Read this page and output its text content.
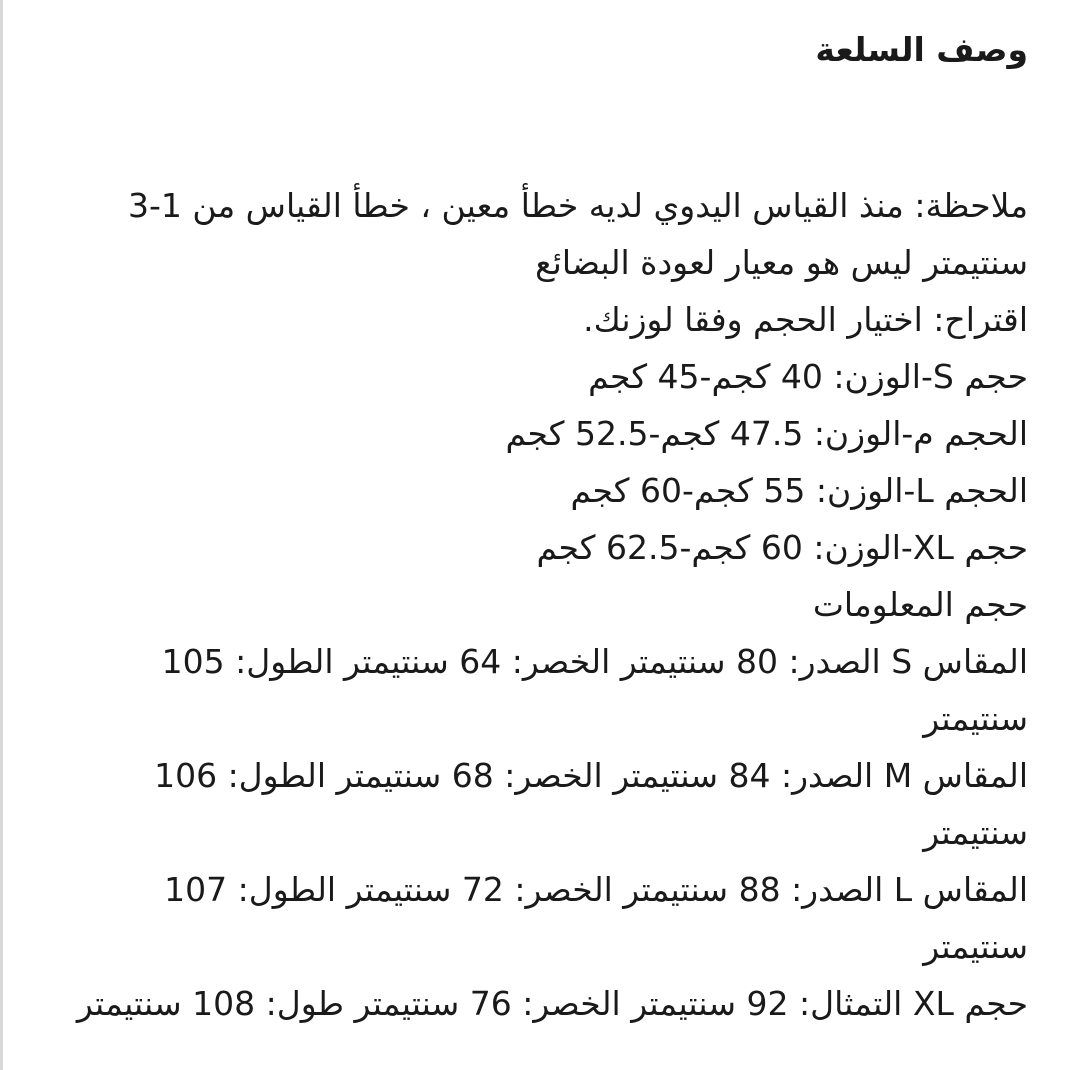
وصف السلعة

ملاحظة: منذ القياس اليدوي لديه خطأ معين ، خطأ القياس من 1-3 سنتيمتر ليس هو معيار لعودة البضائع

اقتراح: اختيار الحجم وفقا لوزنك.

حجم S-الوزن: 40 كجم-45 كجم

الحجم م-الوزن: 47.5 كجم-52.5 كجم

الحجم L-الوزن: 55 كجم-60 كجم

حجم XL-الوزن: 60 كجم-62.5 كجم

حجم المعلومات

المقاس S الصدر: 80 سنتيمتر الخصر: 64 سنتيمتر الطول: 105 سنتيمتر

المقاس M الصدر: 84 سنتيمتر الخصر: 68 سنتيمتر الطول: 106 سنتيمتر

المقاس L الصدر: 88 سنتيمتر الخصر: 72 سنتيمتر الطول: 107 سنتيمتر

حجم XL التمثال: 92 سنتيمتر الخصر: 76 سنتيمتر طول: 108 سنتيمتر
